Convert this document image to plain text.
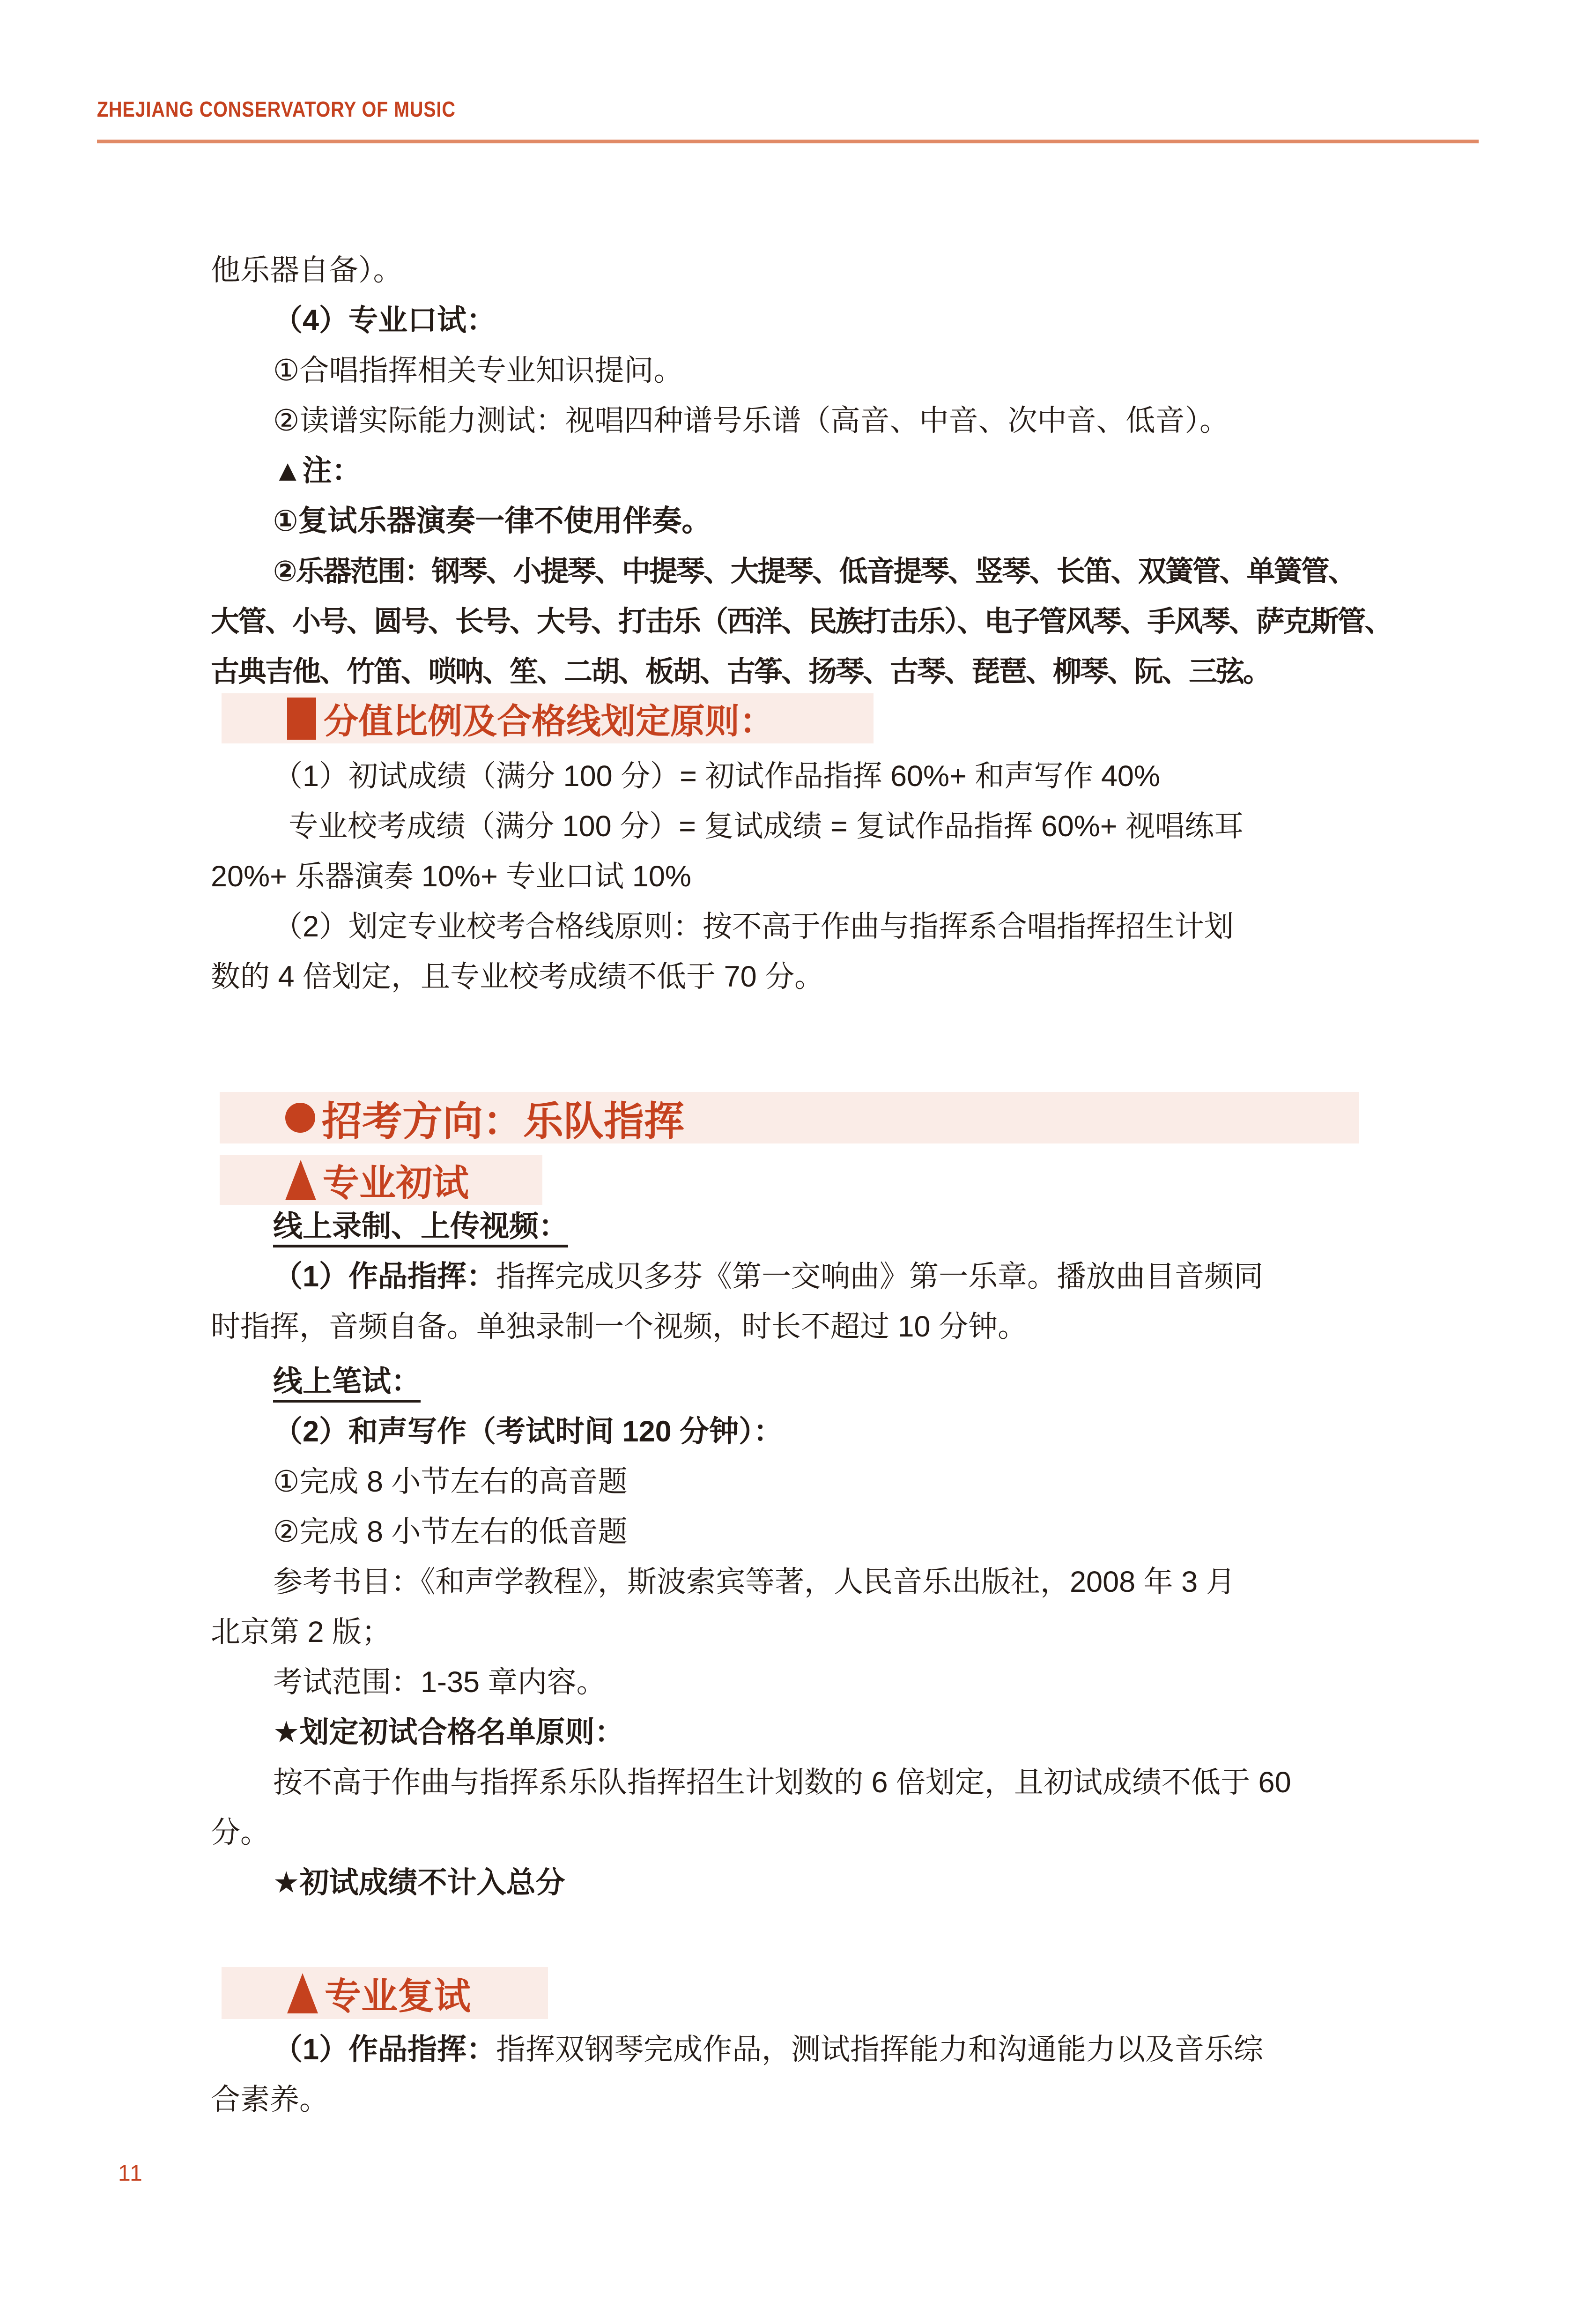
ZHEJIANG CONSERVATORY OF MUSIC
他乐器自备）。
（4）专业口试：
①合唱指挥相关专业知识提问。
②读谱实际能力测试：视唱四种谱号乐谱（高音、中音、次中音、低音）。
▲注：
①复试乐器演奏一律不使用伴奏。
②乐器范围：钢琴、小提琴、中提琴、大提琴、低音提琴、竖琴、长笛、双簧管、单簧管、
大管、小号、圆号、长号、大号、打击乐（西洋、民族打击乐）、电子管风琴、手风琴、萨克斯管、
古典吉他、竹笛、唢呐、笙、二胡、板胡、古筝、扬琴、古琴、琵琶、柳琴、阮、三弦。
分值比例及合格线划定原则：
（1）初试成绩（满分 100 分）= 初试作品指挥 60%+ 和声写作 40%
专业校考成绩（满分 100 分）= 复试成绩 = 复试作品指挥 60%+ 视唱练耳
20%+ 乐器演奏 10%+ 专业口试 10%
（2）划定专业校考合格线原则：按不高于作曲与指挥系合唱指挥招生计划
数的 4 倍划定，且专业校考成绩不低于 70 分。
招考方向：乐队指挥
专业初试
线上录制、上传视频：
（1）作品指挥：指挥完成贝多芬《第一交响曲》第一乐章。播放曲目音频同
时指挥，音频自备。单独录制一个视频，时长不超过 10 分钟。
线上笔试：
（2）和声写作（考试时间 120 分钟）：
①完成 8 小节左右的高音题
②完成 8 小节左右的低音题
参考书目：《和声学教程》，斯波索宾等著，人民音乐出版社，2008 年 3 月
北京第 2 版；
考试范围：1-35 章内容。
★划定初试合格名单原则：
按不高于作曲与指挥系乐队指挥招生计划数的 6 倍划定，且初试成绩不低于 60
分。
★初试成绩不计入总分
专业复试
（1）作品指挥：指挥双钢琴完成作品，测试指挥能力和沟通能力以及音乐综
合素养。
11
